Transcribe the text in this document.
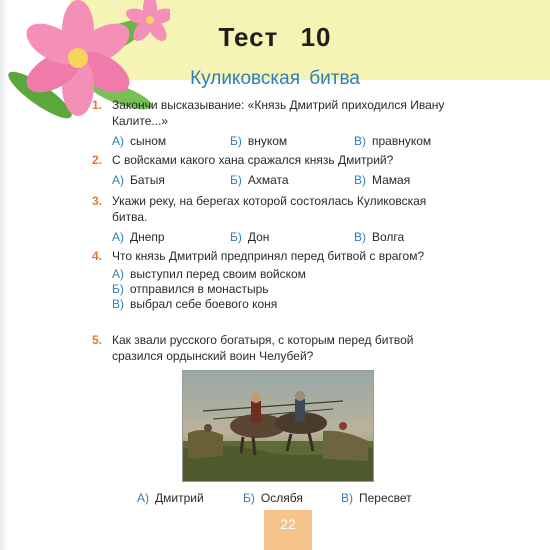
Тест 10
Куликовская битва
1. Закончи высказывание: «Князь Дмитрий приходился Ивану Калите...»
А) сыном	Б) внуком	В) правнуком
2. С войсками какого хана сражался князь Дмитрий?
А) Батыя	Б) Ахмата	В) Мамая
3. Укажи реку, на берегах которой состоялась Куликовская битва.
А) Днепр	Б) Дон	В) Волга
4. Что князь Дмитрий предпринял перед битвой с врагом?
А) выступил перед своим войском
Б) отправился в монастырь
В) выбрал себе боевого коня
5. Как звали русского богатыря, с которым перед битвой сразился ордынский воин Челубей?
А) Дмитрий	Б) Ослябя	В) Пересвет
22
